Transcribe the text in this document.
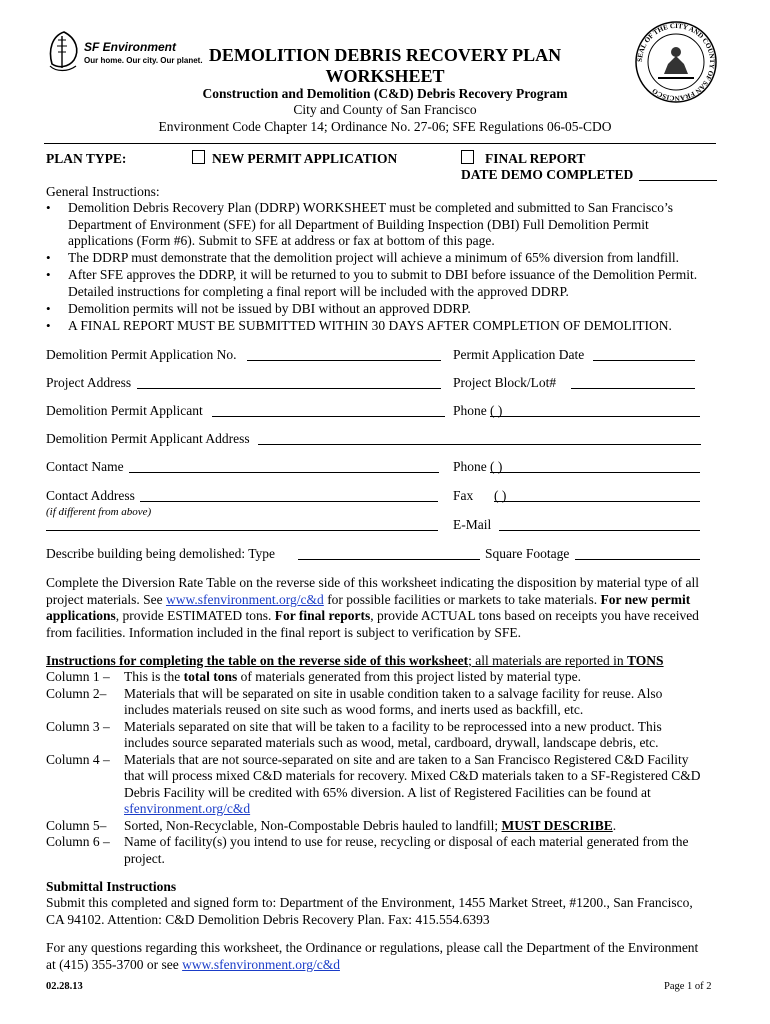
SF Environment
Our home. Our city. Our planet.	SEAL OF THE CITY AND COUNTY OF SAN FRANCISCO
DEMOLITION DEBRIS RECOVERY PLAN
WORKSHEET
Construction and Demolition (C&D) Debris Recovery Program
City and County of San Francisco
Environment Code Chapter 14; Ordinance No. 27-06; SFE Regulations 06-05-CDO
PLAN TYPE:	NEW PERMIT APPLICATION	FINAL REPORT
DATE DEMO COMPLETED
General Instructions:
• Demolition Debris Recovery Plan (DDRP) WORKSHEET must be completed and submitted to San Francisco’s
Department of Environment (SFE) for all Department of Building Inspection (DBI) Full Demolition Permit
applications (Form #6). Submit to SFE at address or fax at bottom of this page.
• The DDRP must demonstrate that the demolition project will achieve a minimum of 65% diversion from landfill.
• After SFE approves the DDRP, it will be returned to you to submit to DBI before issuance of the Demolition Permit.
Detailed instructions for completing a final report will be included with the approved DDRP.
• Demolition permits will not be issued by DBI without an approved DDRP.
• A FINAL REPORT MUST BE SUBMITTED WITHIN 30 DAYS AFTER COMPLETION OF DEMOLITION.
Demolition Permit Application No.	Permit Application Date
Project Address	Project Block/Lot#
Demolition Permit Applicant	Phone ( )
Demolition Permit Applicant Address
Contact Name	Phone ( )
Contact Address
(if different from above)
Fax ( )
E-Mail
Describe building being demolished: Type	Square Footage
Complete the Diversion Rate Table on the reverse side of this worksheet indicating the disposition by material type of all
project materials. See www.sfenvironment.org/c&d for possible facilities or markets to take materials. For new permit
applications, provide ESTIMATED tons. For final reports, provide ACTUAL tons based on receipts you have received
from facilities. Information included in the final report is subject to verification by SFE.
Instructions for completing the table on the reverse side of this worksheet; all materials are reported in TONS
Column 1 – This is the total tons of materials generated from this project listed by material type.
Column 2– Materials that will be separated on site in usable condition taken to a salvage facility for reuse. Also
includes materials reused on site such as wood forms, and inerts used as backfill, etc.
Column 3 – Materials separated on site that will be taken to a facility to be reprocessed into a new product. This
includes source separated materials such as wood, metal, cardboard, drywall, landscape debris, etc.
Column 4 – Materials that are not source-separated on site and are taken to a San Francisco Registered C&D Facility
that will process mixed C&D materials for recovery. Mixed C&D materials taken to a SF-Registered C&D
Debris Facility will be credited with 65% diversion. A list of Registered Facilities can be found at
sfenvironment.org/c&d
Column 5– Sorted, Non-Recyclable, Non-Compostable Debris hauled to landfill; MUST DESCRIBE.
Column 6 – Name of facility(s) you intend to use for reuse, recycling or disposal of each material generated from the
project.
Submittal Instructions
Submit this completed and signed form to: Department of the Environment, 1455 Market Street, #1200., San Francisco,
CA 94102. Attention: C&D Demolition Debris Recovery Plan. Fax: 415.554.6393
For any questions regarding this worksheet, the Ordinance or regulations, please call the Department of the Environment
at (415) 355-3700 or see www.sfenvironment.org/c&d
02.28.13	Page 1 of 2
